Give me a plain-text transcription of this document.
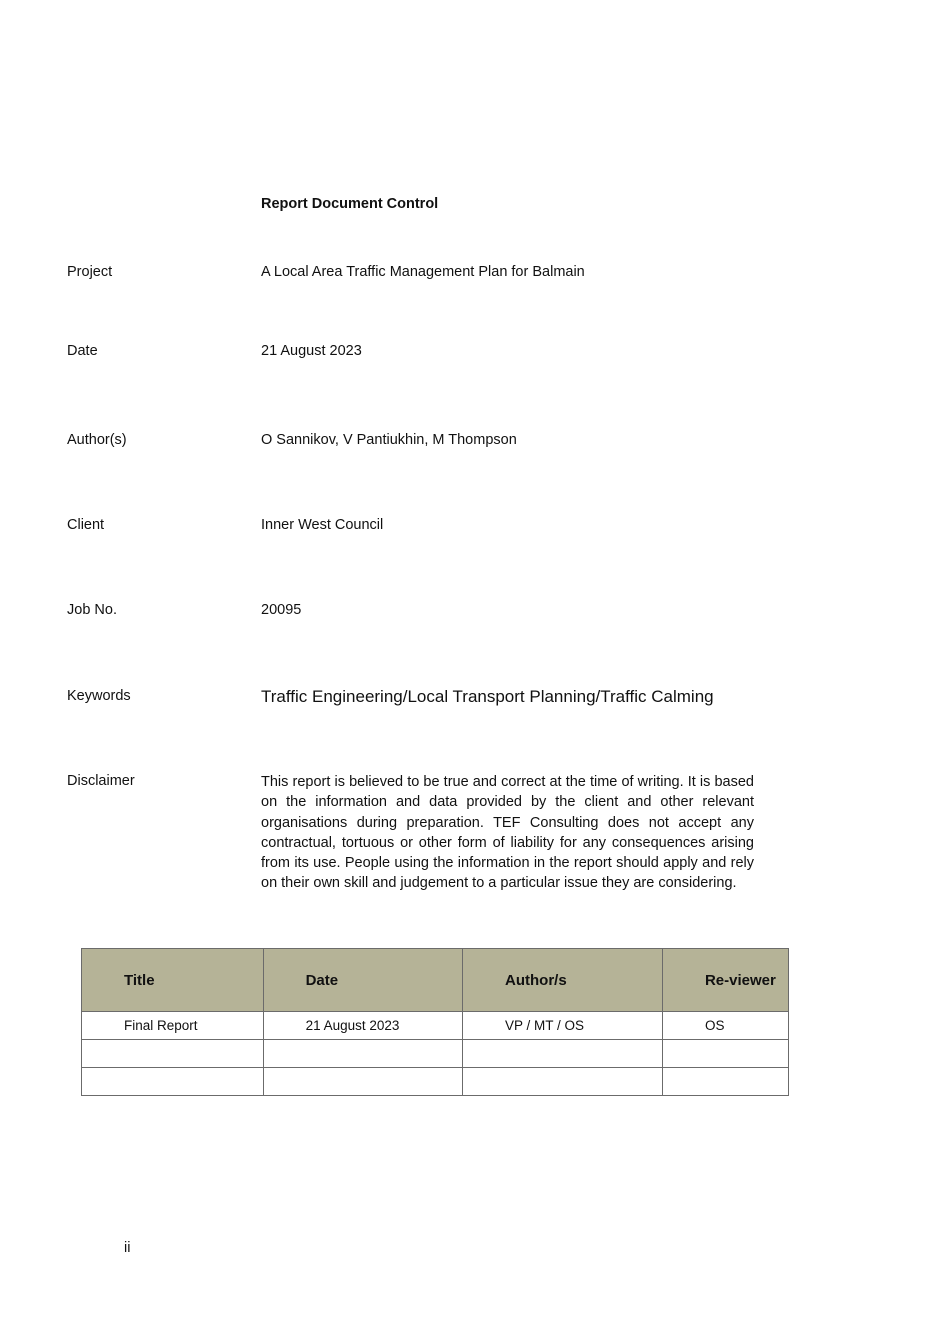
Report Document Control
Project	A Local Area Traffic Management Plan for Balmain
Date	21 August 2023
Author(s)	O Sannikov, V Pantiukhin, M Thompson
Client	Inner West Council
Job No.	20095
Keywords	Traffic Engineering/Local Transport Planning/Traffic Calming
Disclaimer	This report is believed to be true and correct at the time of writing. It is based on the information and data provided by the client and other relevant organisations during preparation. TEF Consulting does not accept any contractual, tortuous or other form of liability for any consequences arising from its use. People using the information in the report should apply and rely on their own skill and judgement to a particular issue they are considering.
Title	Date	Author/s	Re-viewer
Final Report	21 August 2023	VP / MT / OS	OS

ii
